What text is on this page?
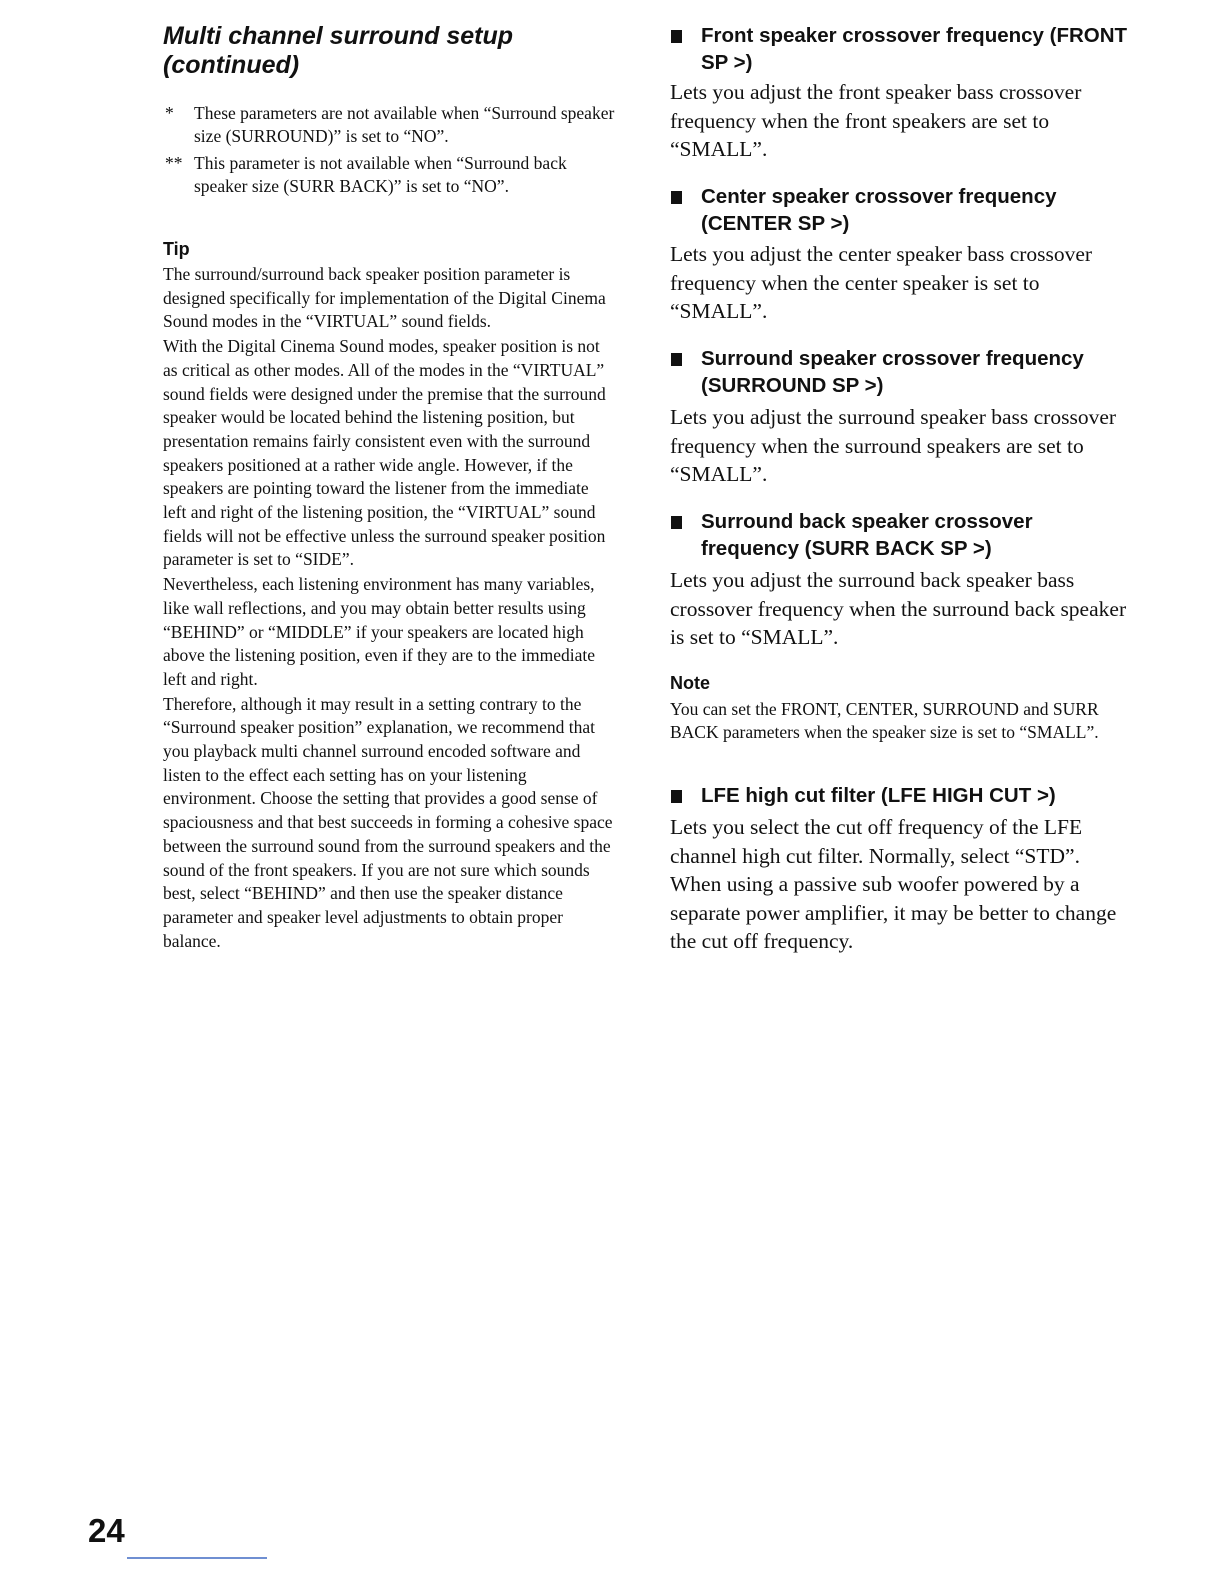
Multi channel surround setup
(continued)

*	These parameters are not available when “Surround speaker size (SURROUND)” is set to “NO”.

** This parameter is not available when “Surround back speaker size (SURR BACK)” is set to “NO”.

Tip

The surround/surround back speaker position parameter is designed specifically for implementation of the Digital Cinema Sound modes in the “VIRTUAL” sound fields.

With the Digital Cinema Sound modes, speaker position is not as critical as other modes. All of the modes in the “VIRTUAL” sound fields were designed under the premise that the surround speaker would be located behind the listening position, but presentation remains fairly consistent even with the surround speakers positioned at a rather wide angle. However, if the speakers are pointing toward the listener from the immediate left and right of the listening position, the “VIRTUAL” sound fields will not be effective unless the surround speaker position parameter is set to “SIDE”.

Nevertheless, each listening environment has many variables, like wall reflections, and you may obtain better results using “BEHIND” or “MIDDLE” if your speakers are located high above the listening position, even if they are to the immediate left and right.

Therefore, although it may result in a setting contrary to the “Surround speaker position” explanation, we recommend that you playback multi channel surround encoded software and listen to the effect each setting has on your listening environment. Choose the setting that provides a good sense of spaciousness and that best succeeds in forming a cohesive space between the surround sound from the surround speakers and the sound of the front speakers. If you are not sure which sounds best, select “BEHIND” and then use the speaker distance parameter and speaker level adjustments to obtain proper balance.

Front speaker crossover frequency (FRONT SP >)

Lets you adjust the front speaker bass crossover frequency when the front speakers are set to “SMALL”.

Center speaker crossover frequency (CENTER SP >)

Lets you adjust the center speaker bass crossover frequency when the center speaker is set to “SMALL”.

Surround speaker crossover frequency (SURROUND SP >)

Lets you adjust the surround speaker bass crossover frequency when the surround speakers are set to “SMALL”.

Surround back speaker crossover frequency (SURR BACK SP >)

Lets you adjust the surround back speaker bass crossover frequency when the surround back speaker is set to “SMALL”.

Note

You can set the FRONT, CENTER, SURROUND and SURR BACK parameters when the speaker size is set to “SMALL”.

LFE high cut filter (LFE HIGH CUT >)

Lets you select the cut off frequency of the LFE channel high cut filter. Normally, select “STD”. When using a passive sub woofer powered by a separate power amplifier, it may be better to change the cut off frequency.

24
